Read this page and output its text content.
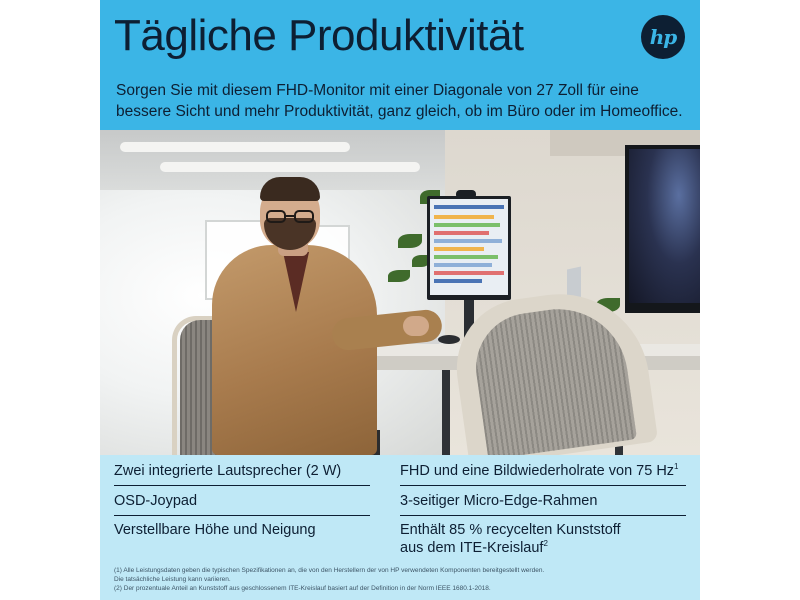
Tägliche Produktivität	hp
Sorgen Sie mit diesem FHD-Monitor mit einer Diagonale von 27 Zoll für eine bessere Sicht und mehr Produktivität, ganz gleich, ob im Büro oder im Homeoffice.
Zwei integrierte Lautsprecher (2 W)
OSD-Joypad
Verstellbare Höhe und Neigung
FHD und eine Bildwiederholrate von 75 Hz$^1$
3-seitiger Micro-Edge-Rahmen
Enthält 85 % recycelten Kunststoff
aus dem ITE-Kreislauf$^2$
(1) Alle Leistungsdaten geben die typischen Spezifikationen an, die von den Herstellern der von HP verwendeten Komponenten bereitgestellt werden.
Die tatsächliche Leistung kann variieren.
(2) Der prozentuale Anteil an Kunststoff aus geschlossenem ITE-Kreislauf basiert auf der Definition in der Norm IEEE 1680.1-2018.
